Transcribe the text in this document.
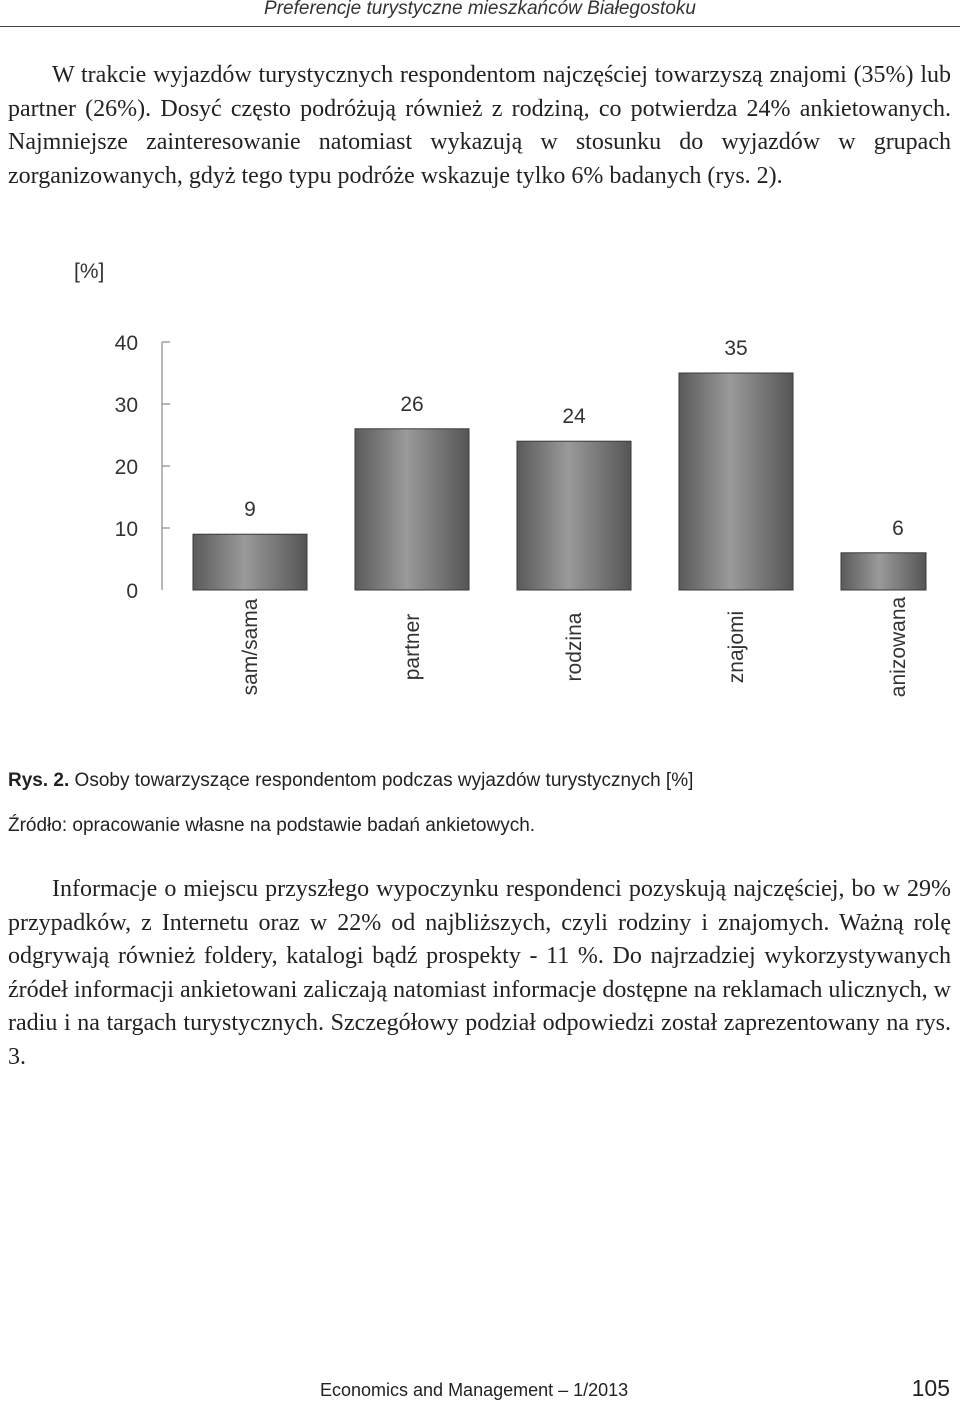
Preferencje turystyczne mieszkańców Białegostoku

W trakcie wyjazdów turystycznych respondentom najczęściej towarzyszą znajomi (35%) lub partner (26%). Dosyć często podróżują również z rodziną, co potwierdza 24% ankietowanych. Najmniejsze zainteresowanie natomiast wykazują w stosunku do wyjazdów w grupach zorganizowanych, gdyż tego typu podróże wskazuje tylko 6% badanych (rys. 2).

[%]
0
10
20
30
40
9
sam/sama
26
partner
24
rodzina
35
znajomi
6
anizowana
Rys. 2. Osoby towarzyszące respondentom podczas wyjazdów turystycznych [%]
Źródło: opracowanie własne na podstawie badań ankietowych.

Informacje o miejscu przyszłego wypoczynku respondenci pozyskują najczęściej, bo w 29% przypadków, z Internetu oraz w 22% od najbliższych, czyli rodziny i znajomych. Ważną rolę odgrywają również foldery, katalogi bądź prospekty - 11 %. Do najrzadziej wykorzystywanych źródeł informacji ankietowani zaliczają natomiast informacje dostępne na reklamach ulicznych, w radiu i na targach turystycznych. Szczegółowy podział odpowiedzi został zaprezentowany na rys. 3.

Economics and Management – 1/2013	105
